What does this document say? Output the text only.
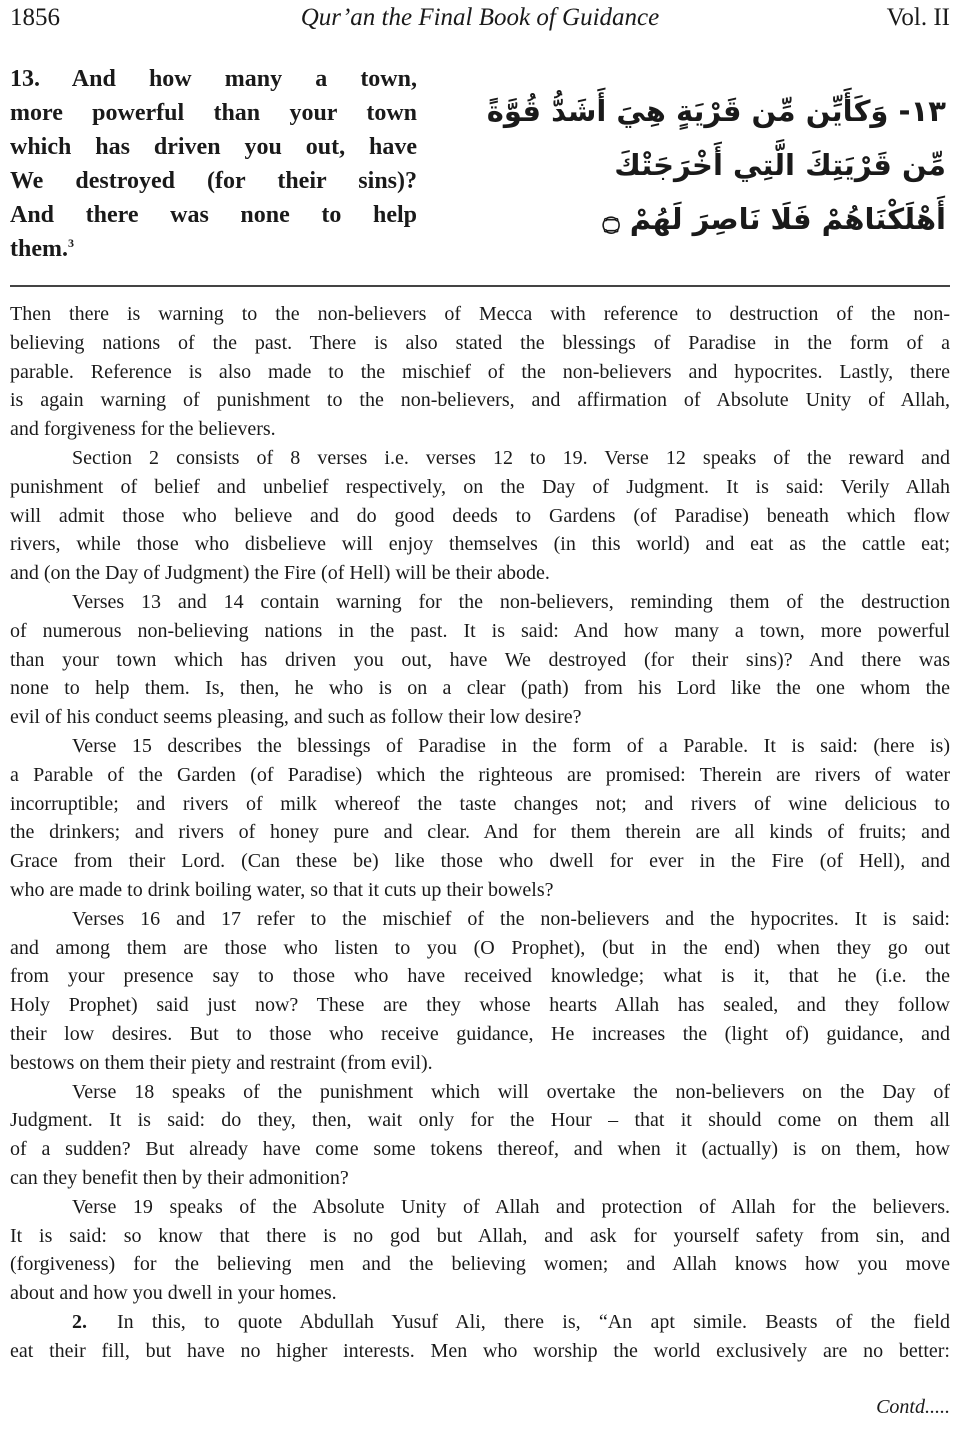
1856	Qur’an the Final Book of Guidance	Vol. II
13. And how many a town,
more powerful than your town
which has driven you out, have
We destroyed (for their sins)?
And there was none to help
them.$^3$
١٣- وَكَأَيِّن مِّن قَرْيَةٍ هِيَ أَشَدُّ قُوَّةً
مِّن قَرْيَتِكَ الَّتِي أَخْرَجَتْكَ
أَهْلَكْنَاهُمْ فَلَا نَاصِرَ لَهُمْ ۝
Then there is warning to the non-believers of Mecca with reference to destruction of the non-
believing nations of the past. There is also stated the blessings of Paradise in the form of a
parable. Reference is also made to the mischief of the non-believers and hypocrites. Lastly, there
is again warning of punishment to the non-believers, and affirmation of Absolute Unity of Allah,
and forgiveness for the believers.
Section 2 consists of 8 verses i.e. verses 12 to 19. Verse 12 speaks of the reward and
punishment of belief and unbelief respectively, on the Day of Judgment. It is said: Verily Allah
will admit those who believe and do good deeds to Gardens (of Paradise) beneath which flow
rivers, while those who disbelieve will enjoy themselves (in this world) and eat as the cattle eat;
and (on the Day of Judgment) the Fire (of Hell) will be their abode.
Verses 13 and 14 contain warning for the non-believers, reminding them of the destruction
of numerous non-believing nations in the past. It is said: And how many a town, more powerful
than your town which has driven you out, have We destroyed (for their sins)? And there was
none to help them. Is, then, he who is on a clear (path) from his Lord like the one whom the
evil of his conduct seems pleasing, and such as follow their low desire?
Verse 15 describes the blessings of Paradise in the form of a Parable. It is said: (here is)
a Parable of the Garden (of Paradise) which the righteous are promised: Therein are rivers of water
incorruptible; and rivers of milk whereof the taste changes not; and rivers of wine delicious to
the drinkers; and rivers of honey pure and clear. And for them therein are all kinds of fruits; and
Grace from their Lord. (Can these be) like those who dwell for ever in the Fire (of Hell), and
who are made to drink boiling water, so that it cuts up their bowels?
Verses 16 and 17 refer to the mischief of the non-believers and the hypocrites. It is said:
and among them are those who listen to you (O Prophet), (but in the end) when they go out
from your presence say to those who have received knowledge; what is it, that he (i.e. the
Holy Prophet) said just now? These are they whose hearts Allah has sealed, and they follow
their low desires. But to those who receive guidance, He increases the (light of) guidance, and
bestows on them their piety and restraint (from evil).
Verse 18 speaks of the punishment which will overtake the non-believers on the Day of
Judgment. It is said: do they, then, wait only for the Hour – that it should come on them all
of a sudden? But already have come some tokens thereof, and when it (actually) is on them, how
can they benefit then by their admonition?
Verse 19 speaks of the Absolute Unity of Allah and protection of Allah for the believers.
It is said: so know that there is no god but Allah, and ask for yourself safety from sin, and
(forgiveness) for the believing men and the believing women; and Allah knows how you move
about and how you dwell in your homes.
2. In this, to quote Abdullah Yusuf Ali, there is, “An apt simile. Beasts of the field
eat their fill, but have no higher interests. Men who worship the world exclusively are no better:
Contd.....
